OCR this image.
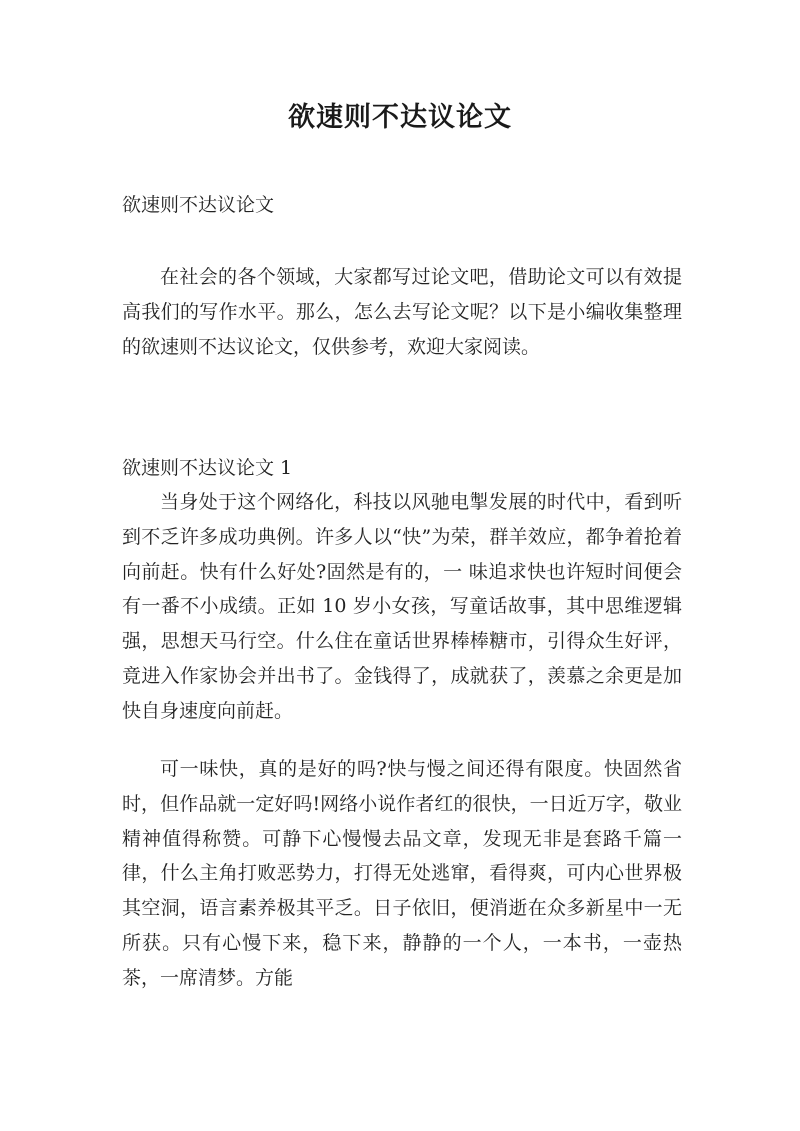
欲速则不达议论文

欲速则不达议论文

在社会的各个领域，大家都写过论文吧，借助论文可以有效提高我们的写作水平。那么，怎么去写论文呢？以下是小编收集整理的欲速则不达议论文，仅供参考，欢迎大家阅读。

欲速则不达议论文 1

当身处于这个网络化，科技以风驰电掣发展的时代中，看到听到不乏许多成功典例。许多人以“快”为荣，群羊效应，都争着抢着向前赶。快有什么好处?固然是有的，一 味追求快也许短时间便会有一番不小成绩。正如 10 岁小女孩，写童话故事，其中思维逻辑强，思想天马行空。什么住在童话世界棒棒糖市，引得众生好评，竟进入作家协会并出书了。金钱得了，成就获了，羡慕之余更是加快自身速度向前赶。

可一味快，真的是好的吗?快与慢之间还得有限度。快固然省时，但作品就一定好吗!网络小说作者红的很快，一日近万字，敬业精神值得称赞。可静下心慢慢去品文章，发现无非是套路千篇一律，什么主角打败恶势力，打得无处逃窜，看得爽，可内心世界极其空洞，语言素养极其平乏。日子依旧，便消逝在众多新星中一无所获。只有心慢下来，稳下来，静静的一个人，一本书，一壶热茶，一席清梦。方能
